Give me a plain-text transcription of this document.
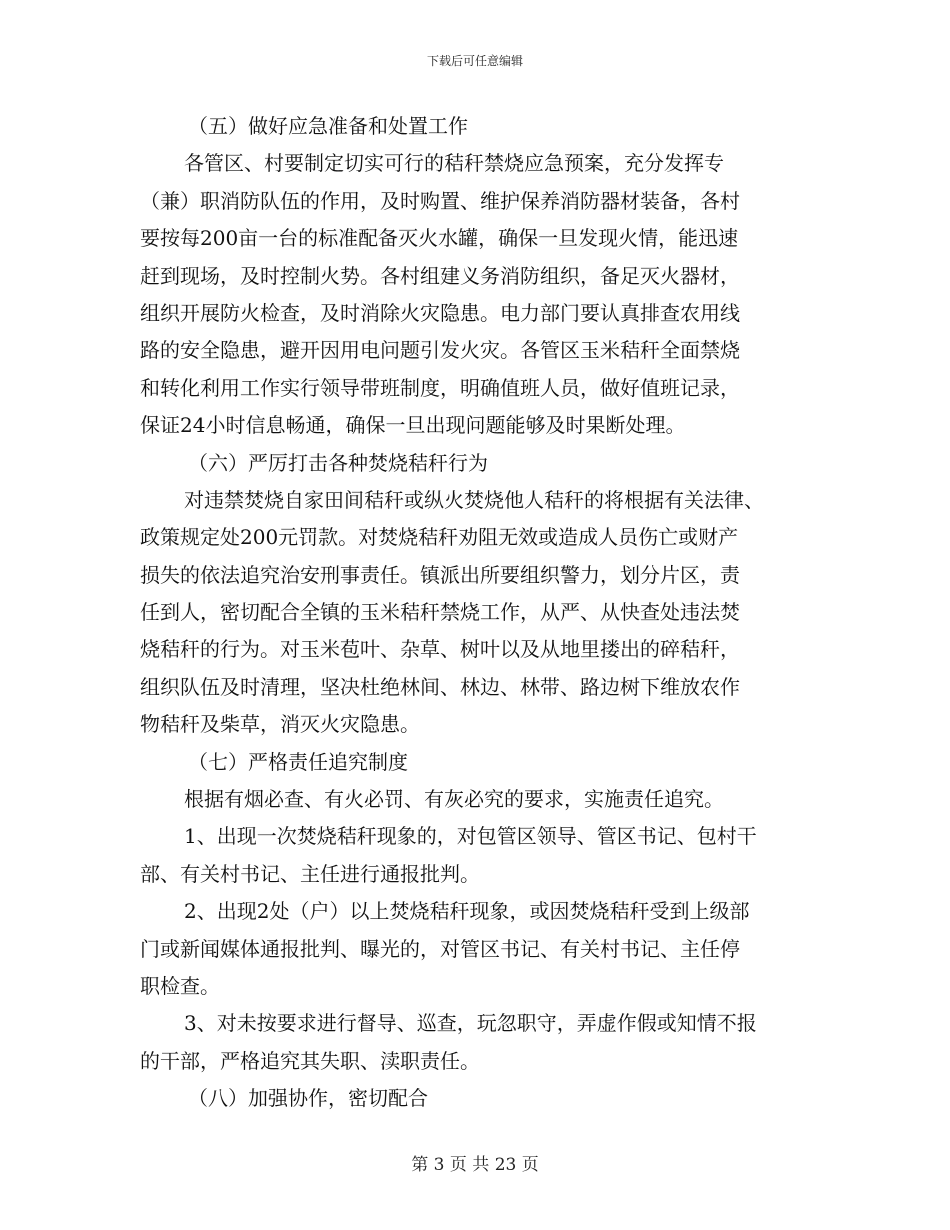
下载后可任意编辑
（五）做好应急准备和处置工作
各管区、村要制定切实可行的秸秆禁烧应急预案，充分发挥专
（兼）职消防队伍的作用，及时购置、维护保养消防器材装备，各村
要按每200亩一台的标准配备灭火水罐，确保一旦发现火情，能迅速
赶到现场，及时控制火势。各村组建义务消防组织，备足灭火器材，
组织开展防火检查，及时消除火灾隐患。电力部门要认真排查农用线
路的安全隐患，避开因用电问题引发火灾。各管区玉米秸秆全面禁烧
和转化利用工作实行领导带班制度，明确值班人员，做好值班记录，
保证24小时信息畅通，确保一旦出现问题能够及时果断处理。
（六）严厉打击各种焚烧秸秆行为
对违禁焚烧自家田间秸秆或纵火焚烧他人秸秆的将根据有关法律、
政策规定处200元罚款。对焚烧秸秆劝阻无效或造成人员伤亡或财产
损失的依法追究治安刑事责任。镇派出所要组织警力，划分片区，责
任到人，密切配合全镇的玉米秸秆禁烧工作，从严、从快查处违法焚
烧秸秆的行为。对玉米苞叶、杂草、树叶以及从地里搂出的碎秸秆，
组织队伍及时清理，坚决杜绝林间、林边、林带、路边树下维放农作
物秸秆及柴草，消灭火灾隐患。
（七）严格责任追究制度
根据有烟必查、有火必罚、有灰必究的要求，实施责任追究。
1、出现一次焚烧秸秆现象的，对包管区领导、管区书记、包村干
部、有关村书记、主任进行通报批判。
2、出现2处（户）以上焚烧秸秆现象，或因焚烧秸秆受到上级部
门或新闻媒体通报批判、曝光的，对管区书记、有关村书记、主任停
职检查。
3、对未按要求进行督导、巡查，玩忽职守，弄虚作假或知情不报
的干部，严格追究其失职、渎职责任。
（八）加强协作，密切配合
第 3 页 共 23 页
